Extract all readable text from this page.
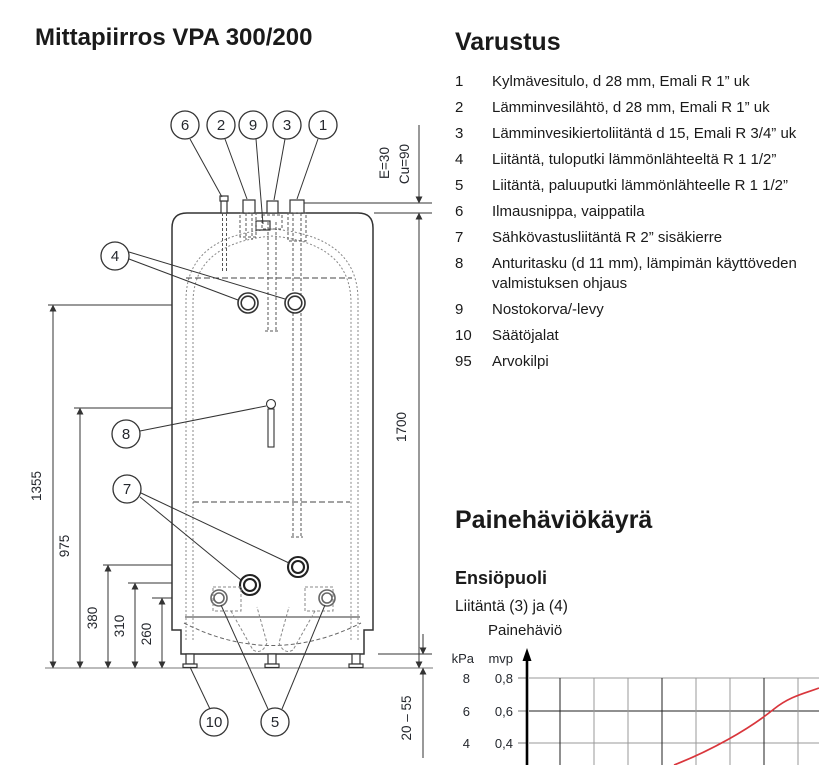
Mittapiirros VPA 300/200
1355
975
380 310 260
E=30 Cu=90
1700
20 – 55
6 2 9 3 1
4
8
7
10	5
Varustus
1	Kylmävesitulo, d 28 mm, Emali R 1” uk
2	Lämminvesilähtö, d 28 mm, Emali R 1” uk
3	Lämminvesikiertoliitäntä d 15, Emali R 3/4” uk
4	Liitäntä, tuloputki lämmönlähteeltä R 1 1/2”
5	Liitäntä, paluuputki lämmönlähteelle R 1 1/2”
6	Ilmausnippa, vaippatila
7	Sähkövastusliitäntä R 2” sisäkierre
8	Anturitasku (d 11 mm), lämpimän käyttöveden valmistuksen ohjaus
9	Nostokorva/-levy
10	Säätöjalat
95	Arvokilpi
Painehäviökäyrä
Ensiöpuoli
Liitäntä (3) ja (4)
Painehäviö
kPa mvp
8 0,8
6 0,6
4 0,4
